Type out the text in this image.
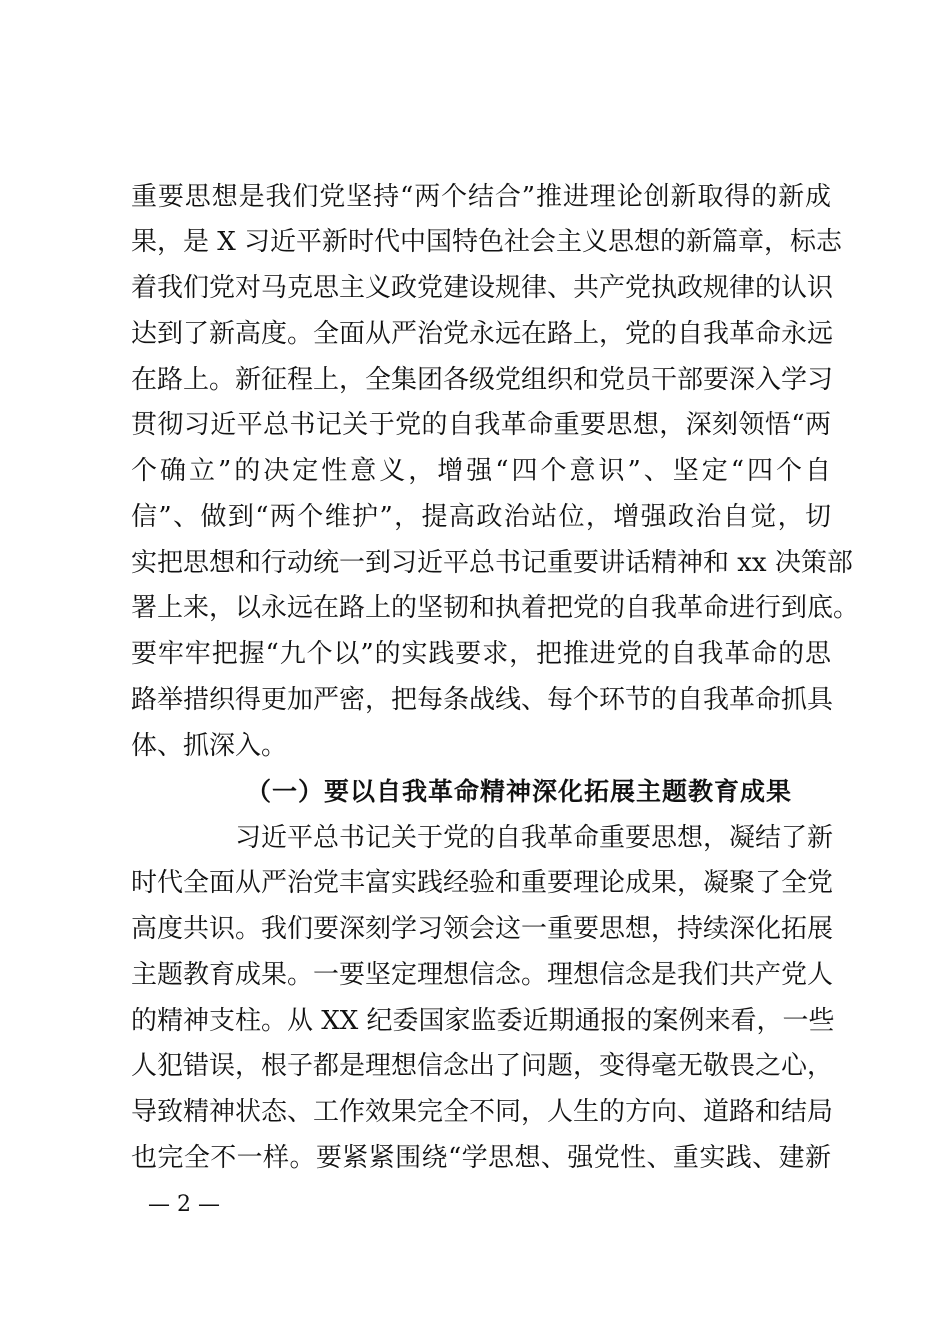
重要思想是我们党坚持“两个结合”推进理论创新取得的新成
果，是 X 习近平新时代中国特色社会主义思想的新篇章，标志
着我们党对马克思主义政党建设规律、共产党执政规律的认识
达到了新高度。全面从严治党永远在路上，党的自我革命永远
在路上。新征程上，全集团各级党组织和党员干部要深入学习
贯彻习近平总书记关于党的自我革命重要思想，深刻领悟“两
个确立”的决定性意义，增强“四个意识”、坚定“四个自
信”、做到“两个维护”，提高政治站位，增强政治自觉，切
实把思想和行动统一到习近平总书记重要讲话精神和 xx 决策部
署上来，以永远在路上的坚韧和执着把党的自我革命进行到底。
要牢牢把握“九个以”的实践要求，把推进党的自我革命的思
路举措织得更加严密，把每条战线、每个环节的自我革命抓具
体、抓深入。
（一）要以自我革命精神深化拓展主题教育成果
习近平总书记关于党的自我革命重要思想，凝结了新
时代全面从严治党丰富实践经验和重要理论成果，凝聚了全党
高度共识。我们要深刻学习领会这一重要思想，持续深化拓展
主题教育成果。一要坚定理想信念。理想信念是我们共产党人
的精神支柱。从 XX 纪委国家监委近期通报的案例来看，一些
人犯错误，根子都是理想信念出了问题，变得毫无敬畏之心，
导致精神状态、工作效果完全不同，人生的方向、道路和结局
也完全不一样。要紧紧围绕“学思想、强党性、重实践、建新
— 2 —
